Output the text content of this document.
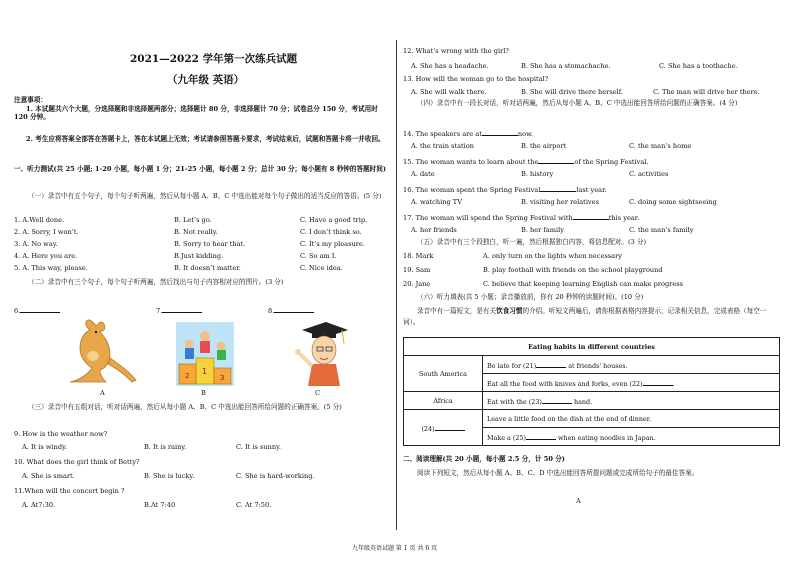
2021—2022 学年第一次练兵试题
（九年级 英语）
注意事项：
1. 本试题共六个大题，分选择题和非选择题两部分；选择题计 80 分，非选择题计 70 分；试卷总分 150 分，考试用时 120 分钟。
2. 考生应将答案全部答在答题卡上，答在本试题上无效；考试请参照答题卡要求，考试结束后，试题和答题卡将一并收回。
一、听力测试(共 25 小题; 1-20 小题，每小题 1 分；21-25 小题，每小题 2 分；总计 30 分；每小题有 8 秒钟的答题时间)
（一）录音中有五个句子，每个句子听两遍，然后从每小题 A、B、C 中选出能对每个句子做出的适当反应的答语。(5 分)
1. A.Well done.	B. Let’s go.	C. Have a good trip.
2. A. Sorry, I won’t.	B. Not really.	C. I don’t think so.
3. A. No way.	B. Sorry to hear that.	C. It’s my pleasure.
4. A. Here you are.	B.Just kidding.	C. So am I.
5. A. This way, please.	B. It doesn’t matter.	C. Nice idea.
（二）录音中有三个句子，每个句子听两遍，然后找出与句子内容相对应的图片。(3 分)
6.	7.	8.
1
2	3
A	B	C
（三）录音中有五组对话，听对话两遍，然后从每小题 A、B、C 中选出能回答所给问题的正确答案。(5 分)
9. How is the weather now?
A. It is windy.	B. It is rainy.	C. It is sunny.
10. What does the girl think of Betty?
A. She is smart.	B. She is lucky.	C. She is hard-working.
11.When will the concert begin ?
A. At7:30.	B.At 7:40	C. At 7:50.
12. What’s wrong with the girl?
A. She has a headache.	B. She has a stomachache.	C. She has a toothache.
13. How will the woman go to the hospital?
A. She will walk there.	B. She will drive there herself.	C. The man will drive her there.
（四）录音中有一段长对话，听对话两遍，然后从每小题 A、B、C 中选出能回答所给问题的正确答案。(4 分)
14. The speakers are at	now.
A. the train station	B. the airport	C. the man’s home
15. The woman wants to learn about the	of the Spring Festival.
A. date	B. history	C. activities
16. The woman spent the Spring Festival	last year.
A. watching TV	B. visiting her relatives	C. doing some sightseeing
17. The woman will spend the Spring Festival with	this year.
A. her friends	B. her family	C. the man’s family
（五）录音中有三个段独白，听一遍，然后根据独白内容，将信息配对。(3 分)
18. Mark	A. only turn on the lights when necessary
19. Sam	B. play football with friends on the school playground
20. Jane	C. believe that keeping learning English can make progress
（六）听力填表(共 5 小题；录音播放前，你有 20 秒钟的读题时间)。(10 分)
录音中有一篇短文，是有关饮食习惯的介绍。听短文两遍后，请你根据表格内容提示，记录相关信息，完成表格（每空一词）。
Eating habits in different countries	
South America	Be late for (21) at friends' houses.
	Eat all the food with knives and forks, even (22) .
Africa	Eat with the (23) hand.
(24)	Leave a little food on the dish at the end of dinner.
	Make a (25) when eating noodles in Japan.
二、阅读理解(共 20 小题，每小题 2.5 分，计 50 分)
阅读下列短文，然后从每小题 A、B、C、D 中选出能回答所提问题或完成所给句子的最佳答案。
A
九年级英语试题 第 1 页 共 6 页
